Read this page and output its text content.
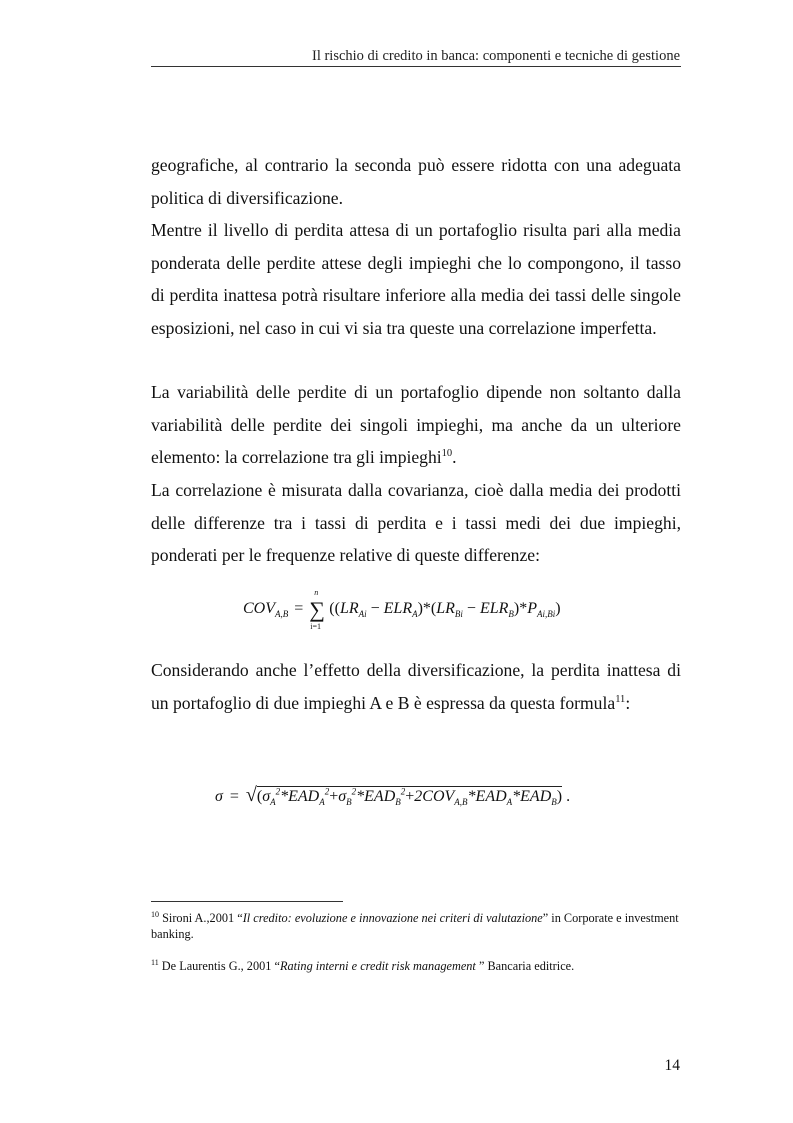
Il rischio di credito in banca: componenti e tecniche di gestione

geografiche, al contrario la seconda può essere ridotta con una adeguata politica di diversificazione.

Mentre il livello di perdita attesa di un portafoglio risulta pari alla media ponderata delle perdite attese degli impieghi che lo compongono, il tasso di perdita inattesa potrà risultare inferiore alla media dei tassi delle singole esposizioni, nel caso in cui vi sia tra queste una correlazione imperfetta.

La variabilità delle perdite di un portafoglio dipende non soltanto dalla variabilità delle perdite dei singoli impieghi, ma anche da un ulteriore elemento: la correlazione tra gli impieghi$^{10}$.

La correlazione è misurata dalla covarianza, cioè dalla media dei prodotti delle differenze tra i tassi di perdita e i tassi medi dei due impieghi, ponderati per le frequenze relative di queste differenze:

$COV_{A,B}$ =
n
∑
i=1
$((LR_{Ai} - ELR_A)*(LR_{Bi} - ELR_B)*P_{Ai,Bi})$

Considerando anche l’effetto della diversificazione, la perdita inattesa di un portafoglio di due impieghi A e B è espressa da questa formula$^{11}$:

$\sigma = √(\sigma_A^2*EAD_A^2+\sigma_B^2*EAD_B^2+2COV_{A,B}*EAD_A*EAD_B)$ .

$^{10}$ Sironi A.,2001 “Il credito: evoluzione e innovazione nei criteri di valutazione” in Corporate e investment banking.

$^{11}$ De Laurentis G., 2001 “Rating interni e credit risk management ” Bancaria editrice.

14
